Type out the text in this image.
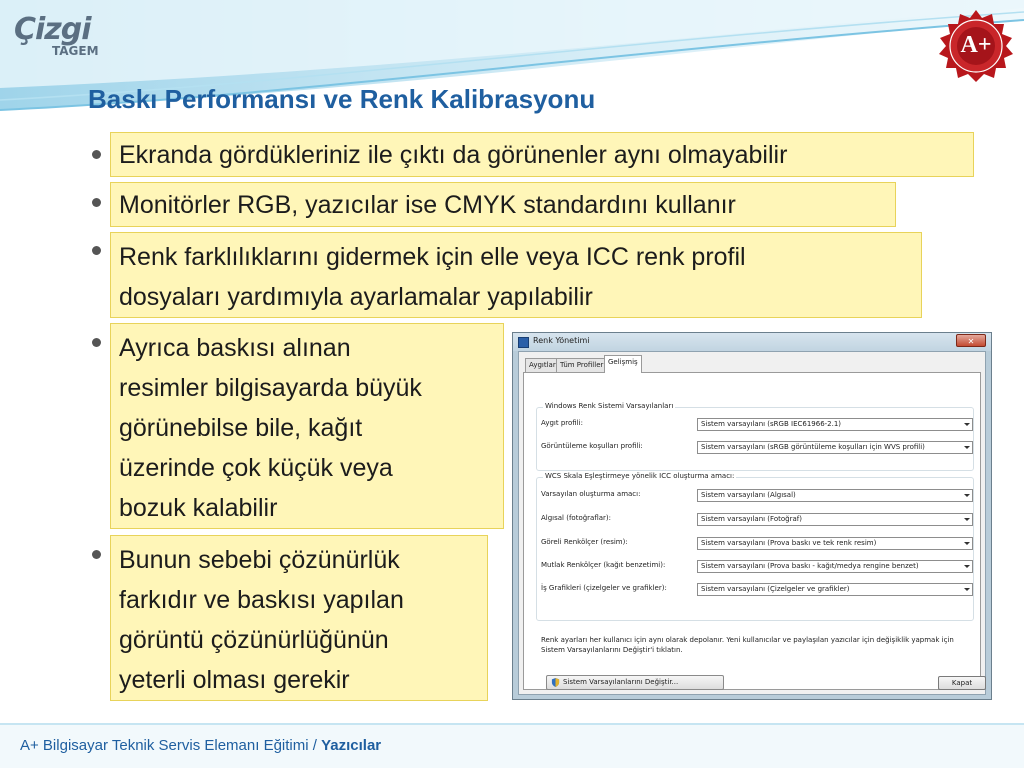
Çizgi
TAGEM	A+
Baskı Performansı ve Renk Kalibrasyonu
Ekranda gördükleriniz ile çıktı da görünenler aynı olmayabilir
Monitörler RGB, yazıcılar ise CMYK standardını kullanır
Renk farklılıklarını gidermek için elle veya ICC renk profil
dosyaları yardımıyla ayarlamalar yapılabilir
Ayrıca baskısı alınan
resimler bilgisayarda büyük
görünebilse bile, kağıt
üzerinde çok küçük veya
bozuk kalabilir
Bunun sebebi çözünürlük
farkıdır ve baskısı yapılan
görüntü çözünürlüğünün
yeterli olması gerekir
Renk Yönetimi	✕
Aygıtlar Tüm Profiller Gelişmiş
Windows Renk Sistemi Varsayılanları
Aygıt profili:	Sistem varsayılanı (sRGB IEC61966-2.1)
Görüntüleme koşulları profili:	Sistem varsayılanı (sRGB görüntüleme koşulları için WVS profili)
WCS Skala Eşleştirmeye yönelik ICC oluşturma amacı:
Varsayılan oluşturma amacı:	Sistem varsayılanı (Algısal)
Algısal (fotoğraflar):	Sistem varsayılanı (Fotoğraf)
Göreli Renkölçer (resim):	Sistem varsayılanı (Prova baskı ve tek renk resim)
Mutlak Renkölçer (kağıt benzetimi):	Sistem varsayılanı (Prova baskı - kağıt/medya rengine benzet)
İş Grafikleri (çizelgeler ve grafikler):	Sistem varsayılanı (Çizelgeler ve grafikler)
Renk ayarları her kullanıcı için aynı olarak depolanır. Yeni kullanıcılar ve paylaşılan yazıcılar için değişiklik yapmak için Sistem Varsayılanlarını Değiştir'i tıklatın.
Sistem Varsayılanlarını Değiştir...	Kapat
A+ Bilgisayar Teknik Servis Elemanı Eğitimi / Yazıcılar
